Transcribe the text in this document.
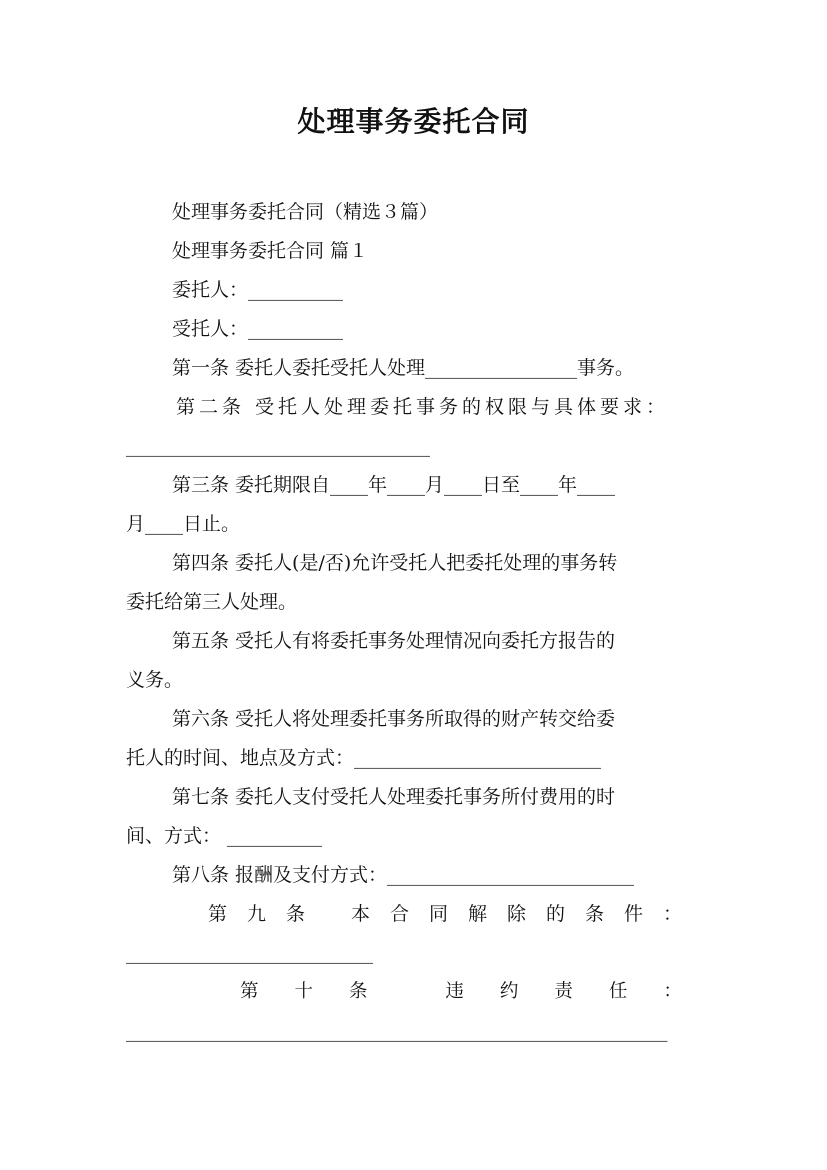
处理事务委托合同
处理事务委托合同（精选３篇）
处理事务委托合同 篇１
委托人：__________
受托人：__________
第一条 委托人委托受托人处理________________事务。
第二条 受托人处理委托事务的权限与具体要求：
________________________________
第三条 委托期限自____年____月____日至____年____
月____日止。
第四条 委托人(是/否)允许受托人把委托处理的事务转
委托给第三人处理。
第五条 受托人有将委托事务处理情况向委托方报告的
义务。
第六条 受托人将处理委托事务所取得的财产转交给委
托人的时间、地点及方式：__________________________
第七条 委托人支付受托人处理委托事务所付费用的时
间、方式： __________
第八条 报酬及支付方式：__________________________
第九条 本合同解除的条件：
__________________________
第十条 违约责任：
_________________________________________________________
